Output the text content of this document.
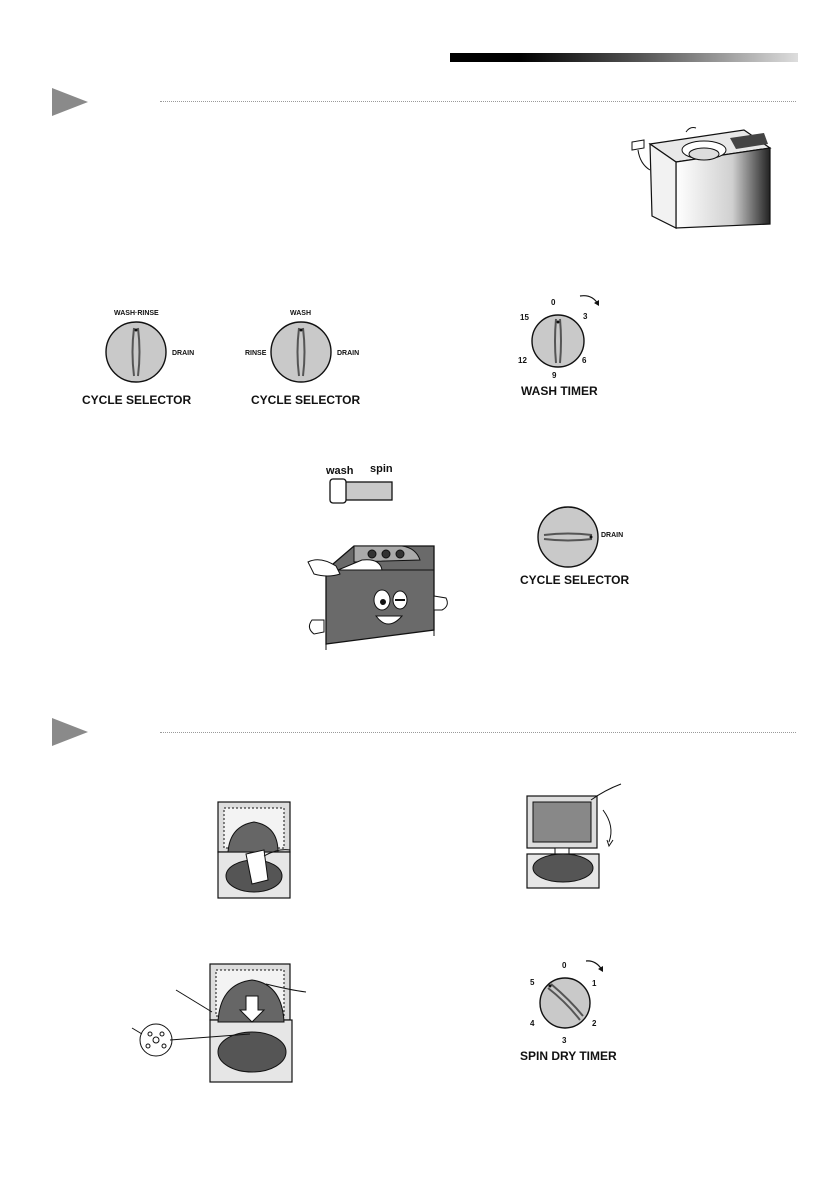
WASH·RINSE
DRAIN
CYCLE SELECTOR
WASH
RINSE	DRAIN
CYCLE SELECTOR
0
3
6
9
12
15
WASH TIMER
wash spin
DRAIN
CYCLE SELECTOR
0
1
2
3
4
5
SPIN DRY TIMER
